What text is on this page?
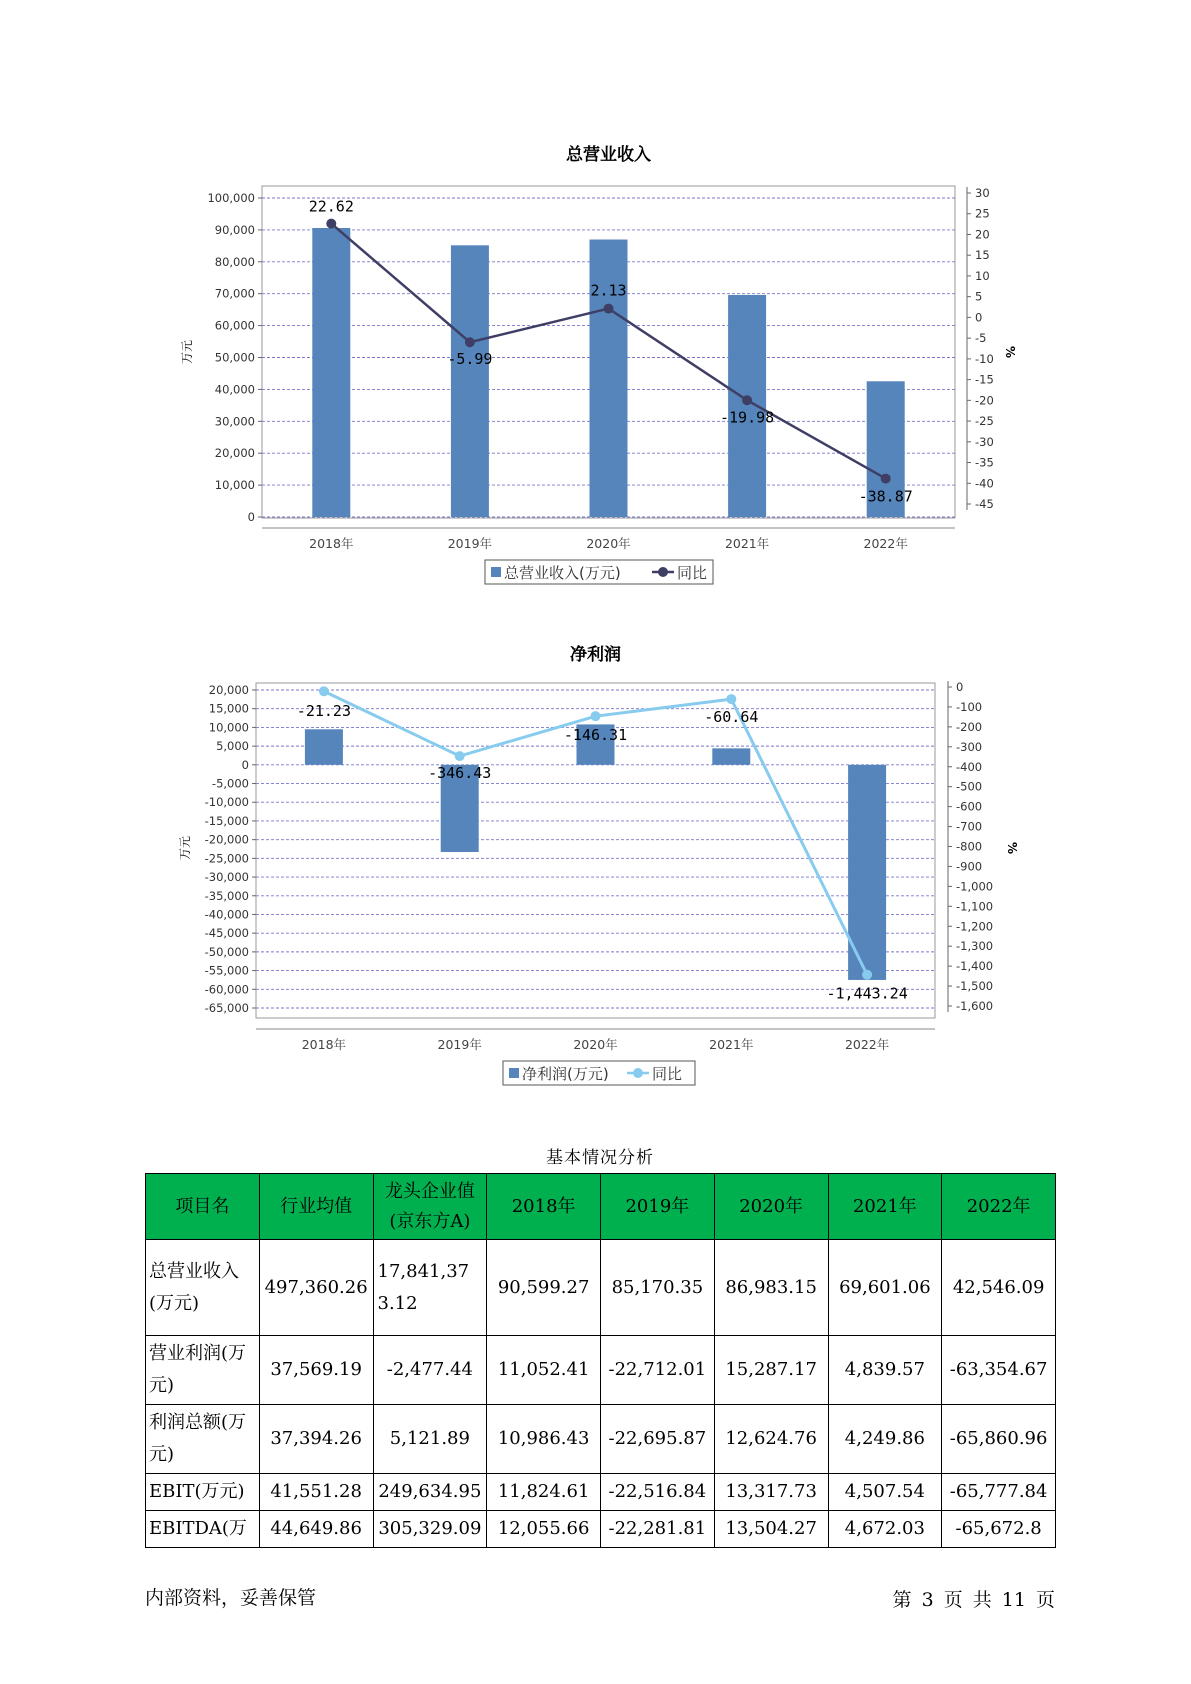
总营业收入
0
10,000
20,000
30,000
40,000
50,000
60,000
70,000
80,000
90,000
100,000	30
25
20
15
10
5
0
-5
-10
-15
-20
-25
-30
-35
-40
-45
万元	%
2018年	2019年	2020年	2021年	2022年
22.62
-5.99
2.13
-19.98
-38.87
总营业收入(万元)	同比
净利润
20,000
15,000
10,000
5,000
0
-5,000
-10,000
-15,000
-20,000
-25,000
-30,000
-35,000
-40,000
-45,000
-50,000
-55,000
-60,000
-65,000
0
-100
-200
-300
-400
-500
-600
-700
-800
-900
-1,000
-1,100
-1,200
-1,300
-1,400
-1,500
-1,600
万元	%
2018年	2019年	2020年	2021年	2022年
-21.23
-346.43
-146.31
-60.64
-1,443.24
净利润(万元)	同比
基本情况分析
项目名	行业均值	龙头企业值(京东方A)	2018年	2019年	2020年	2021年	2022年
总营业收入(万元)	497,360.26	17,841,373.12	90,599.27	85,170.35	86,983.15	69,601.06	42,546.09
营业利润(万元)	37,569.19	-2,477.44	11,052.41	-22,712.01	15,287.17	4,839.57	-63,354.67
利润总额(万元)	37,394.26	5,121.89	10,986.43	-22,695.87	12,624.76	4,249.86	-65,860.96
EBIT(万元)	41,551.28	249,634.95	11,824.61	-22,516.84	13,317.73	4,507.54	-65,777.84
EBITDA(万	44,649.86	305,329.09	12,055.66	-22,281.81	13,504.27	4,672.03	-65,672.8
内部资料，妥善保管	第 3 页 共 11 页
